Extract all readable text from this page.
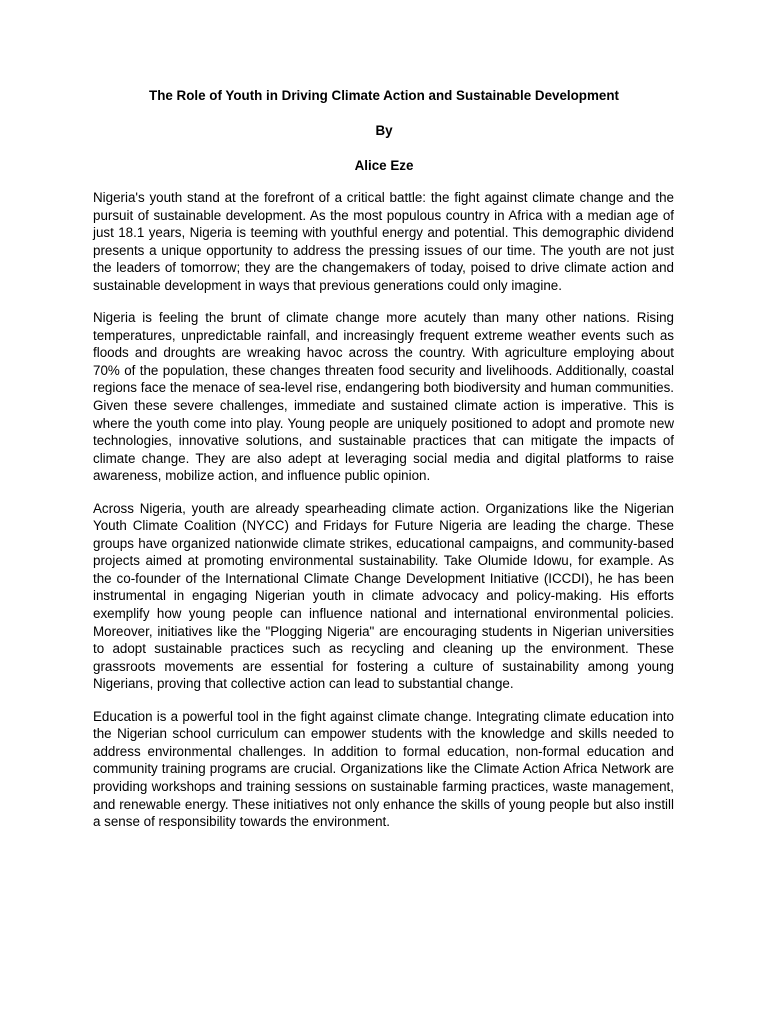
The Role of Youth in Driving Climate Action and Sustainable Development
By
Alice Eze

Nigeria's youth stand at the forefront of a critical battle: the fight against climate change and the pursuit of sustainable development. As the most populous country in Africa with a median age of just 18.1 years, Nigeria is teeming with youthful energy and potential. This demographic dividend presents a unique opportunity to address the pressing issues of our time. The youth are not just the leaders of tomorrow; they are the changemakers of today, poised to drive climate action and sustainable development in ways that previous generations could only imagine.

Nigeria is feeling the brunt of climate change more acutely than many other nations. Rising temperatures, unpredictable rainfall, and increasingly frequent extreme weather events such as floods and droughts are wreaking havoc across the country. With agriculture employing about 70% of the population, these changes threaten food security and livelihoods. Additionally, coastal regions face the menace of sea-level rise, endangering both biodiversity and human communities. Given these severe challenges, immediate and sustained climate action is imperative. This is where the youth come into play. Young people are uniquely positioned to adopt and promote new technologies, innovative solutions, and sustainable practices that can mitigate the impacts of climate change. They are also adept at leveraging social media and digital platforms to raise awareness, mobilize action, and influence public opinion.

Across Nigeria, youth are already spearheading climate action. Organizations like the Nigerian Youth Climate Coalition (NYCC) and Fridays for Future Nigeria are leading the charge. These groups have organized nationwide climate strikes, educational campaigns, and community-based projects aimed at promoting environmental sustainability. Take Olumide Idowu, for example. As the co-founder of the International Climate Change Development Initiative (ICCDI), he has been instrumental in engaging Nigerian youth in climate advocacy and policy-making. His efforts exemplify how young people can influence national and international environmental policies. Moreover, initiatives like the "Plogging Nigeria" are encouraging students in Nigerian universities to adopt sustainable practices such as recycling and cleaning up the environment. These grassroots movements are essential for fostering a culture of sustainability among young Nigerians, proving that collective action can lead to substantial change.

Education is a powerful tool in the fight against climate change. Integrating climate education into the Nigerian school curriculum can empower students with the knowledge and skills needed to address environmental challenges. In addition to formal education, non-formal education and community training programs are crucial. Organizations like the Climate Action Africa Network are providing workshops and training sessions on sustainable farming practices, waste management, and renewable energy. These initiatives not only enhance the skills of young people but also instill a sense of responsibility towards the environment.
